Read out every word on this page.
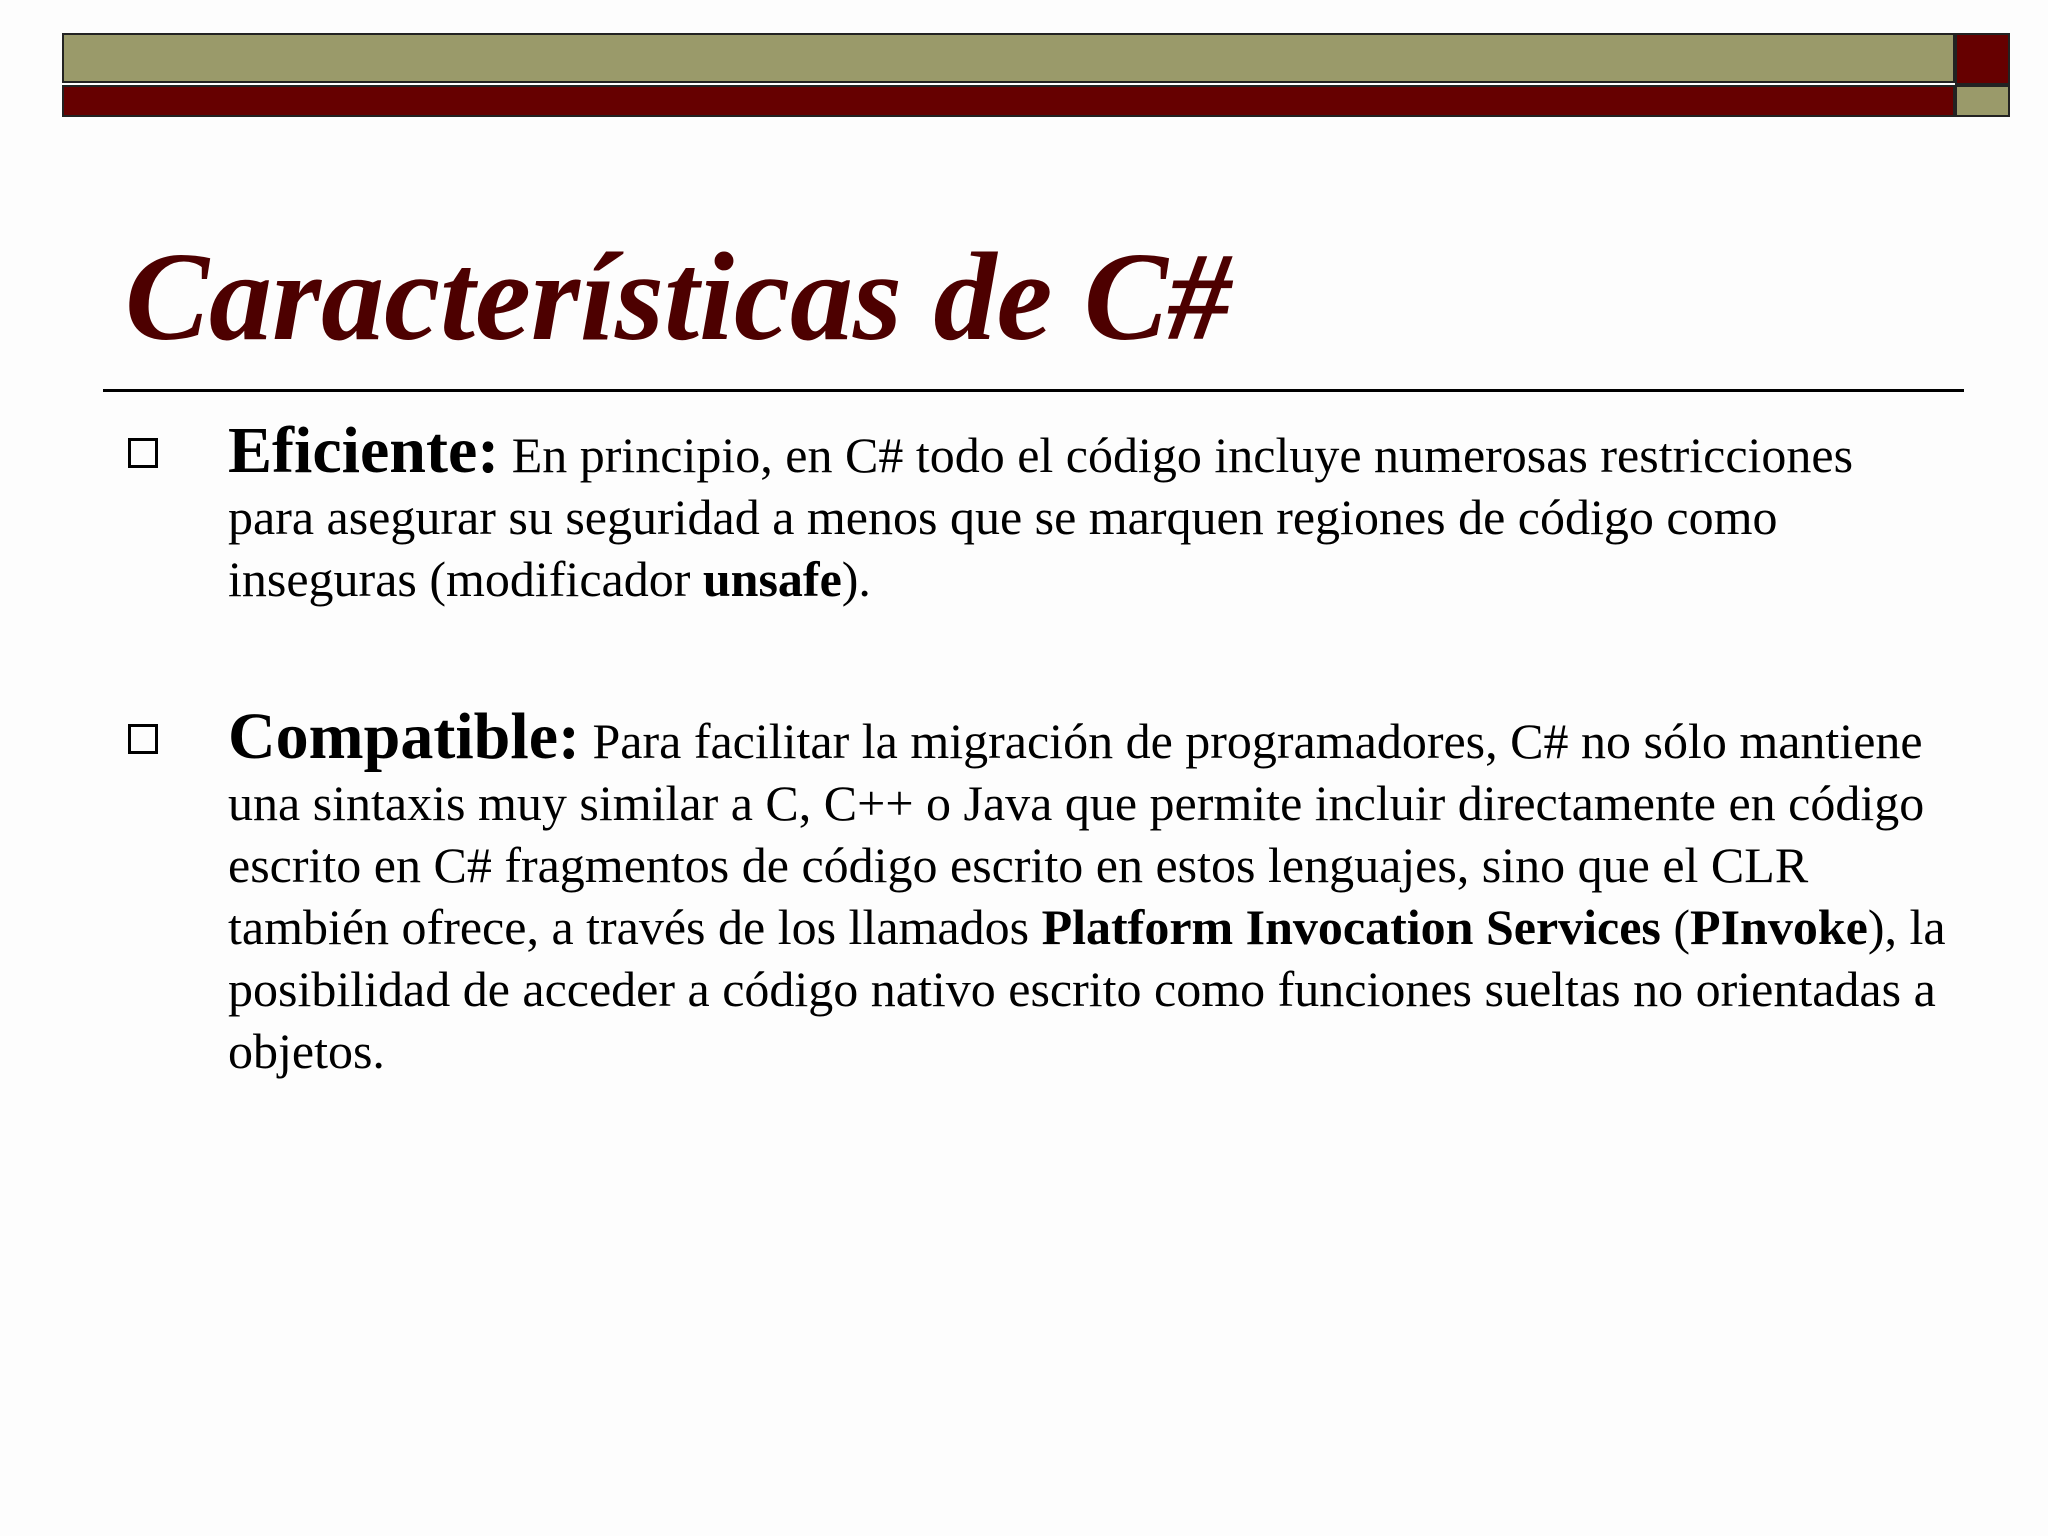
Características de C#

Eficiente: En principio, en C# todo el código incluye numerosas restricciones para asegurar su seguridad a menos que se marquen regiones de código como inseguras (modificador unsafe).

Compatible: Para facilitar la migración de programadores, C# no sólo mantiene una sintaxis muy similar a C, C++ o Java que permite incluir directamente en código escrito en C# fragmentos de código escrito en estos lenguajes, sino que el CLR también ofrece, a través de los llamados Platform Invocation Services (PInvoke), la posibilidad de acceder a código nativo escrito como funciones sueltas no orientadas a objetos.
